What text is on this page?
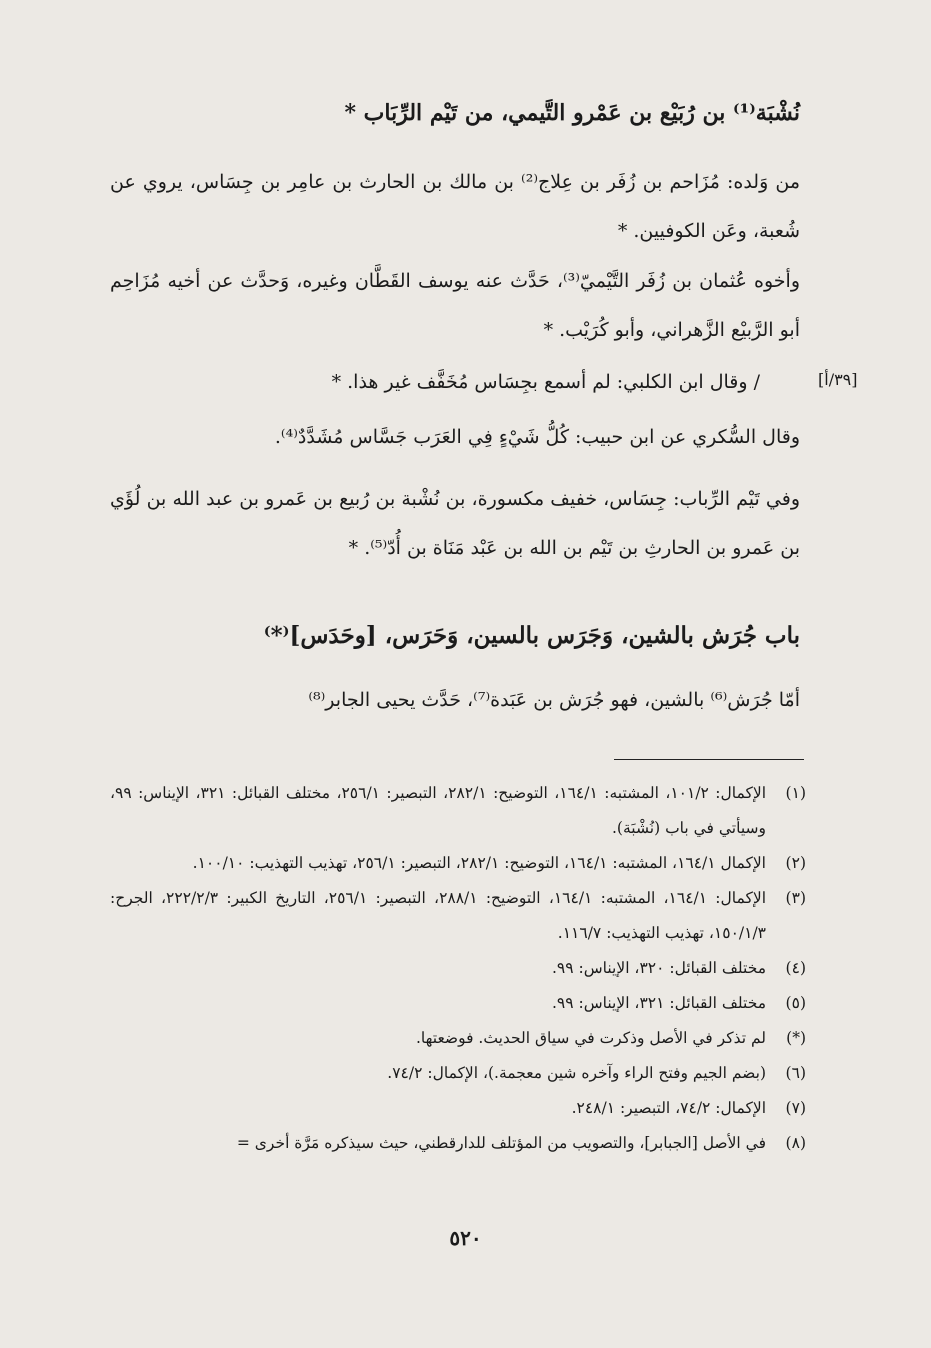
نُشْبَة⁽¹⁾ بن رُبَيْع بن عَمْرو التَّيمي، من تَيْم الرِّبَاب *
من وَلده: مُزَاحم بن زُفَر بن عِلاج⁽²⁾ بن مالك بن الحارث بن عامِر بن جِسَاس، يروي عن شُعبة، وعَن الكوفيين. *
وأخوه عُثمان بن زُفَر التَّيْميّ⁽³⁾، حَدَّث عنه يوسف القَطَّان وغيره، وَحدَّث عن أخيه مُزَاحِم أبو الرَّبيْع الزَّهراني، وأبو كُرَيْب. *
[٣٩/أ]
/ وقال ابن الكلبي: لم أسمع بجِسَاس مُخَفَّف غير هذا. *
وقال السُّكري عن ابن حبيب: كُلُّ شَيْءٍ فِي العَرَب جَسَّاس مُشَدَّدٌ⁽⁴⁾.
وفي تَيْم الرِّباب: جِسَاس، خفيف مكسورة، بن نُشْبة بن رُبيع بن عَمرو بن عبد الله بن لُؤَي بن عَمرو بن الحارثِ بن تَيْم بن الله بن عَبْد مَنَاة بن أُدّ⁽⁵⁾. *
باب جُرَش بالشين، وَجَرَس بالسين، وَحَرَس، [وحَدَس]⁽*⁾
أمّا جُرَش⁽⁶⁾ بالشين، فهو جُرَش بن عَبَدة⁽⁷⁾، حَدَّث يحيى الجابر⁽⁸⁾
(١)
الإكمال: ١٠١/٢، المشتبه: ١٦٤/١، التوضيح: ٢٨٢/١، التبصير: ٢٥٦/١، مختلف القبائل: ٣٢١، الإيناس: ٩٩، وسيأتي في باب (نُشْبَة).
(٢)
الإكمال ١٦٤/١، المشتبه: ١٦٤/١، التوضيح: ٢٨٢/١، التبصير: ٢٥٦/١، تهذيب التهذيب: ١٠٠/١٠.
(٣)
الإكمال: ١٦٤/١، المشتبه: ١٦٤/١، التوضيح: ٢٨٨/١، التبصير: ٢٥٦/١، التاريخ الكبير: ٢٢٢/٢/٣، الجرح: ١٥٠/١/٣، تهذيب التهذيب: ١١٦/٧.
(٤)
مختلف القبائل: ٣٢٠، الإيناس: ٩٩.
(٥)
مختلف القبائل: ٣٢١، الإيناس: ٩٩.
(*)
لم تذكر في الأصل وذكرت في سياق الحديث. فوضعتها.
(٦)
(بضم الجيم وفتح الراء وآخره شين معجمة.)، الإكمال: ٧٤/٢.
(٧)
الإكمال: ٧٤/٢، التبصير: ٢٤٨/١.
(٨)
في الأصل [الجبابر]، والتصويب من المؤتلف للدارقطني، حيث سيذكره مَرَّة أخرى =
٥٢٠
